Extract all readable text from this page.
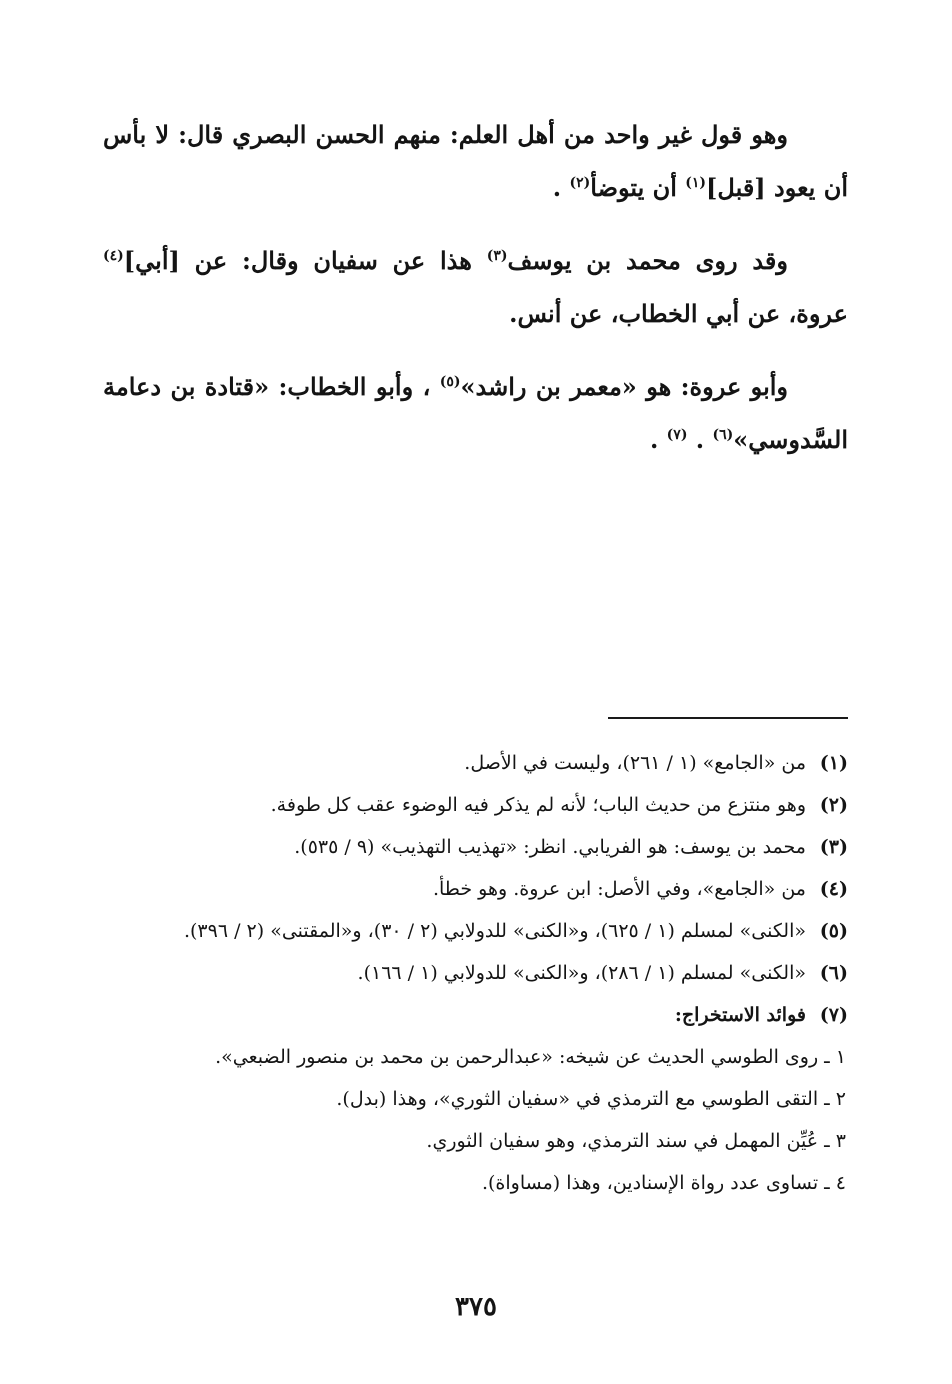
وهو قول غير واحد من أهل العلم: منهم الحسن البصري قال: لا بأس أن يعود [قبل]$^{(١)}$ أن يتوضأ$^{(٢)}$ .

وقد روى محمد بن يوسف$^{(٣)}$ هذا عن سفيان وقال: عن [أبي]$^{(٤)}$ عروة، عن أبي الخطاب، عن أنس.

وأبو عروة: هو «معمر بن راشد»$^{(٥)}$ ، وأبو الخطاب: «قتادة بن دعامة السَّدوسي»$^{(٦)}$ . $^{(٧)}$ .

(١)
من «الجامع» (١ / ٢٦١)، وليست في الأصل.
(٢)
وهو منتزع من حديث الباب؛ لأنه لم يذكر فيه الوضوء عقب كل طوفة.
(٣)
محمد بن يوسف: هو الفريابي. انظر: «تهذيب التهذيب» (٩ / ٥٣٥).
(٤)
من «الجامع»، وفي الأصل: ابن عروة. وهو خطأ.
(٥)
«الكنى» لمسلم (١ / ٦٢٥)، و«الكنى» للدولابي (٢ / ٣٠)، و«المقتنى» (٢ / ٣٩٦).
(٦)
«الكنى» لمسلم (١ / ٢٨٦)، و«الكنى» للدولابي (١ / ١٦٦).
(٧)
فوائد الاستخراج:
١ ـ روى الطوسي الحديث عن شيخه: «عبدالرحمن بن محمد بن منصور الضبعي».
٢ ـ التقى الطوسي مع الترمذي في «سفيان الثوري»، وهذا (بدل).
٣ ـ عُيِّن المهمل في سند الترمذي، وهو سفيان الثوري.
٤ ـ تساوى عدد رواة الإسنادين، وهذا (مساواة).
٣٧٥
